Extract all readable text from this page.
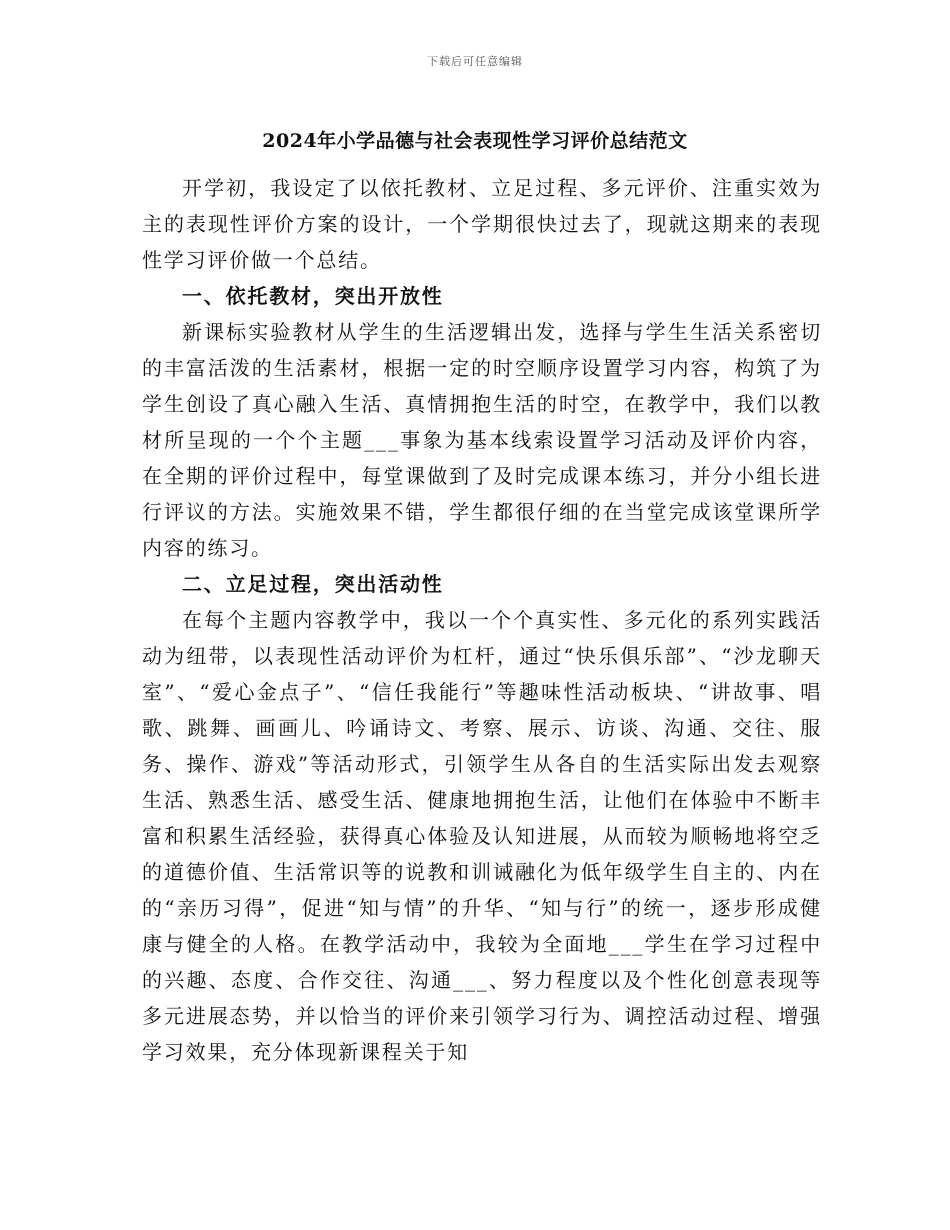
下载后可任意编辑
2024年小学品德与社会表现性学习评价总结范文

开学初，我设定了以依托教材、立足过程、多元评价、注重实效为主的表现性评价方案的设计，一个学期很快过去了，现就这期来的表现性学习评价做一个总结。

一、依托教材，突出开放性

新课标实验教材从学生的生活逻辑出发，选择与学生生活关系密切的丰富活泼的生活素材，根据一定的时空顺序设置学习内容，构筑了为学生创设了真心融入生活、真情拥抱生活的时空，在教学中，我们以教材所呈现的一个个主题___事象为基本线索设置学习活动及评价内容，在全期的评价过程中，每堂课做到了及时完成课本练习，并分小组长进行评议的方法。实施效果不错，学生都很仔细的在当堂完成该堂课所学内容的练习。

二、立足过程，突出活动性

在每个主题内容教学中，我以一个个真实性、多元化的系列实践活动为纽带，以表现性活动评价为杠杆，通过“快乐俱乐部”、“沙龙聊天室”、“爱心金点子”、“信任我能行”等趣味性活动板块、“讲故事、唱歌、跳舞、画画儿、吟诵诗文、考察、展示、访谈、沟通、交往、服务、操作、游戏”等活动形式，引领学生从各自的生活实际出发去观察生活、熟悉生活、感受生活、健康地拥抱生活，让他们在体验中不断丰富和积累生活经验，获得真心体验及认知进展，从而较为顺畅地将空乏的道德价值、生活常识等的说教和训诫融化为低年级学生自主的、内在的“亲历习得”，促进“知与情”的升华、“知与行”的统一，逐步形成健康与健全的人格。在教学活动中，我较为全面地___学生在学习过程中的兴趣、态度、合作交往、沟通___、努力程度以及个性化创意表现等多元进展态势，并以恰当的评价来引领学习行为、调控活动过程、增强学习效果，充分体现新课程关于知
